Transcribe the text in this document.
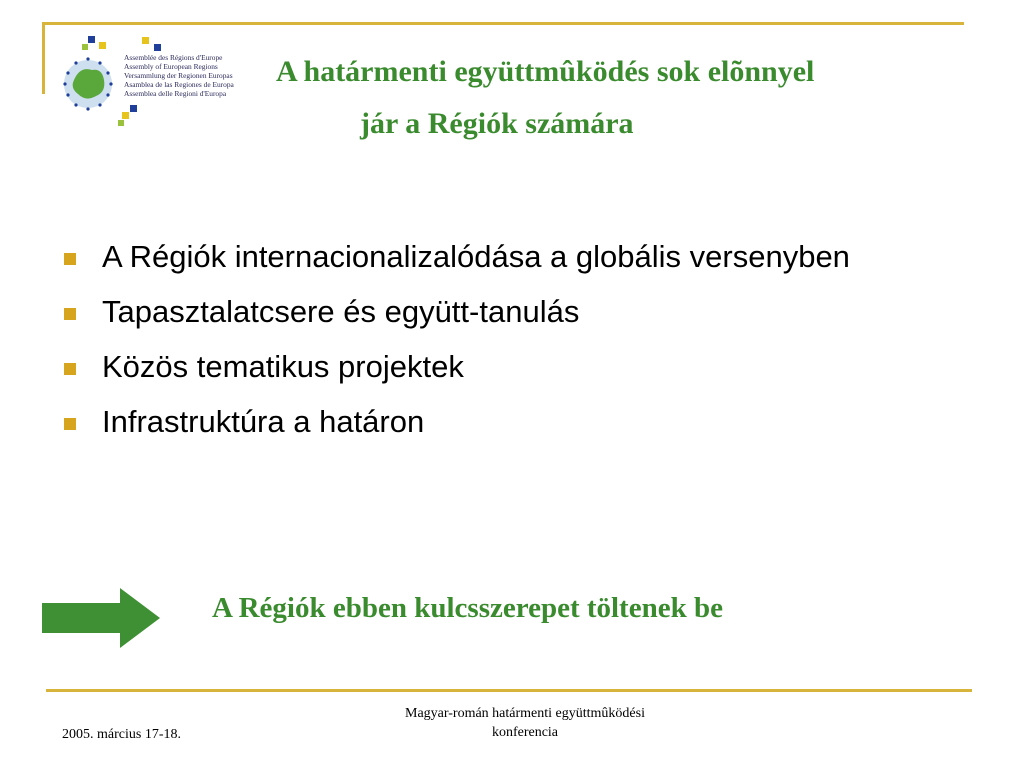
Assemblée des Régions d'Europe
Assembly of European Regions
Versammlung der Regionen Europas
Asamblea de las Regiones de Europa
Assemblea delle Regioni d'Europa
A határmenti együttmûködés sok elõnnyel
jár a Régiók számára
A Régiók internacionalizalódása a globális versenyben
Tapasztalatcsere és együtt-tanulás
Közös tematikus projektek
Infrastruktúra a határon
A Régiók ebben kulcsszerepet töltenek be
2005. március 17-18.
Magyar-román határmenti együttmûködési
konferencia
